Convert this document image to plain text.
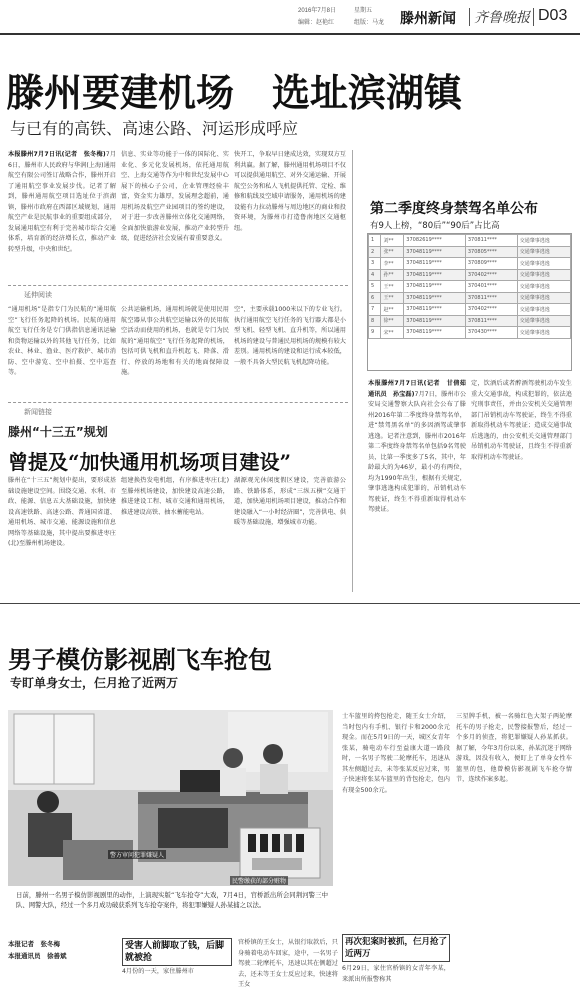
2016年7月8日	星期五
编辑：赵艳红	组版：马龙 滕州新闻 齐鲁晚报 D03
滕州要建机场　选址滨湖镇
与已有的高铁、高速公路、河运形成呼应
本报滕州7月7日讯(记者　张冬梅)7月6日，滕州市人民政府与华润(上海)通用航空有限公司签订战略合作，滕州开启了通用航空事业发展步伐。记者了解到，滕州通用航空项目选址位于滨湖镇，滕州市政府在西部区域规划，通用航空产业是民航事业的重要组成部分，发展通用航空有利于完善城市综合交通体系，培育新的经济增长点，推动产业转型升级，中央和世纪。
信息、实业等功能于一体的国际化、实业化、多元化发展机场，依托通用航空、上海交通等作为中和世纪发展中心展下的核心子公司，企业管理经验丰富，资金实力雄厚，发展理念超前，通用机场及航空产业园项目的签约建设，对于进一步改善滕州立体化交通网络，全面加快旅游业发展，推动产业转型升级，促进经济社会发展有着重要意义。
快开工，争取早日建成达效，实现双方互利共赢。据了解，滕州通用机场项目不仅可以提供通用航空、对外交通运输、开展航空公务和私人飞机提供托管、定检、维修和航线及空域申请服务，通用机场的建设能有力拉动滕州与周边地区的商业和投资环境，为滕州市打造鲁南地区交通枢纽。
延伸阅读
“通用机场”是指专门为民航的“通用航空”飞行任务起降的机场。民航的通用航空飞行任务是专门供指信息通讯运输和货物运输以外的其他飞行任务，比如农业、林业、渔业、医疗救护、城市消防、空中游览、空中拍摄、空中巡查等。
公共运输机场，通用机场就是使用民用航空器从事公共航空运输以外的民用航空活动而使用的机场，也就是专门为民航的“通用航空”飞行任务起降的机场，包括可供飞机和直升机起飞、降落、滑行、停放的场地和有关的地面保障设施。
空”，主要承载1000米以下的专业飞行。执行通用航空飞行任务的飞行器大都是小型飞机、轻型飞机、直升机等，所以通用机场的建设与普通民用机场的规模有较大差别。通用机场的建设和运行成本较低，一般不具备大型民航飞机起降功能。
新闻链接
滕州“十三五”规划
曾提及“加快通用机场项目建设”
滕州在“十三五”规划中提出，要形成基础设施建设空间。围绕交通、水利、市政、能源、信息五大基础设施，加快建设高速铁路、高速公路、普通国省道、通用机场、城市交通、能源设施和信息网络等基础设施，其中提出要推进枣庄(北)至滕州机场建设。
组建换热发电机组，有序推进枣庄(北)至滕州机场建设，加快建设高速公路，推进建设工程、城市交通和通用机场，推进建设高铁、抽水蓄能电站。
湖源观光休闲度假区建设，完善旅游公路、铁路体系，形成“三纵五横”交通干道，加快通用机场项目建设，推动合作和建设融入“一小时经济圈”，完善供电、供暖等基础设施，增强城市功能。
第二季度终身禁驾名单公布
有9人上榜，“80后”“90后”占比高
1	刘**	37082619****	370811****	交通肇事逃逸
2	张**	37048119****	370805****	交通肇事逃逸
3	李**	37048119****	370809****	交通肇事逃逸
4	孙**	37048119****	370402****	交通肇事逃逸
5	王**	37048119****	370401****	交通肇事逃逸
6	王**	37048119****	370811****	交通肇事逃逸
7	赵**	37048119****	370402****	交通肇事逃逸
8	徐**	37048119****	370811****	交通肇事逃逸
9	宋**	37048119****	370430****	交通肇事逃逸
本报滕州7月7日讯(记者　甘倩茹　通讯员　孙宝磊)7月7日，滕州市公安局交通警察大队向社会公布了滕州2016年第二季度终身禁驾名单，进“禁驾黑名单”的多因酒驾或肇事逃逸。记者注意到，滕州市2016年第二季度终身禁驾名单包括9名驾驶员，比第一季度多了5名，其中，年龄最大的为46岁，最小的有两位，均为1990年出生，根据有关规定，肇事逃逸构成犯罪的，吊销机动车驾驶证，终生不得重新取得机动车驾驶证。
定，饮酒后或者醉酒驾驶机动车发生重大交通事故，构成犯罪的，依法追究刑事责任，并由公安机关交通管理部门吊销机动车驾驶证，终生不得重新取得机动车驾驶证；造成交通事故后逃逸的，由公安机关交通管理部门吊销机动车驾驶证，且终生不得重新取得机动车驾驶证。
男子模仿影视剧飞车抢包
专盯单身女士，仨月抢了近两万
警方审问犯罪嫌疑人
民警缴获的部分赃物
日前，滕州一名男子模仿影视剧里的动作，上演现实版“飞车抢夺”大戏，7月4日，官桥派出所会同荆河警三中队、网警大队，经过一个多月成功破获系列飞车抢夺案件，将犯罪嫌疑人孙某捕之以法。
本报记者　张冬梅
本报通讯员　徐善斌
受害人前脚取了钱，后脚就被抢
4月份的一天，家住滕州市
官桥镇的王女士，从银行取款后，只身骑着电动车回家，途中，一名男子驾驶二轮摩托车，迅速以其在侧超过去，还未等王女士反应过来，快速将王女
士车篮里的挎包抢走，随王女士介绍，当时包内有手机、银行卡和2000余元现金。而在5月9日的一天，城区女青年张某，骑电动车行至益康大道一路段时，一名男子驾驶二轮摩托车，迅速从其左侧超过去，未等张某反应过来，男子快速将张某车篮里的背包抢走，包内有现金500余元。
再次犯案时被抓，仨月抢了近两万
6月29日，家住官桥镇的女青年李某，来派出所报警称其
三星牌手机，被一名骑红色大架子两轮摩托车的男子抢走，民警接报警后，经过一个多月的侦查，将犯罪嫌疑人孙某抓获。据了解，今年3月份以来，孙某沉迷于网络游戏，因没有收入，便盯上了单身女性车篮里的包，他曾模仿影视剧飞车抢夺情节，连续作案多起。
